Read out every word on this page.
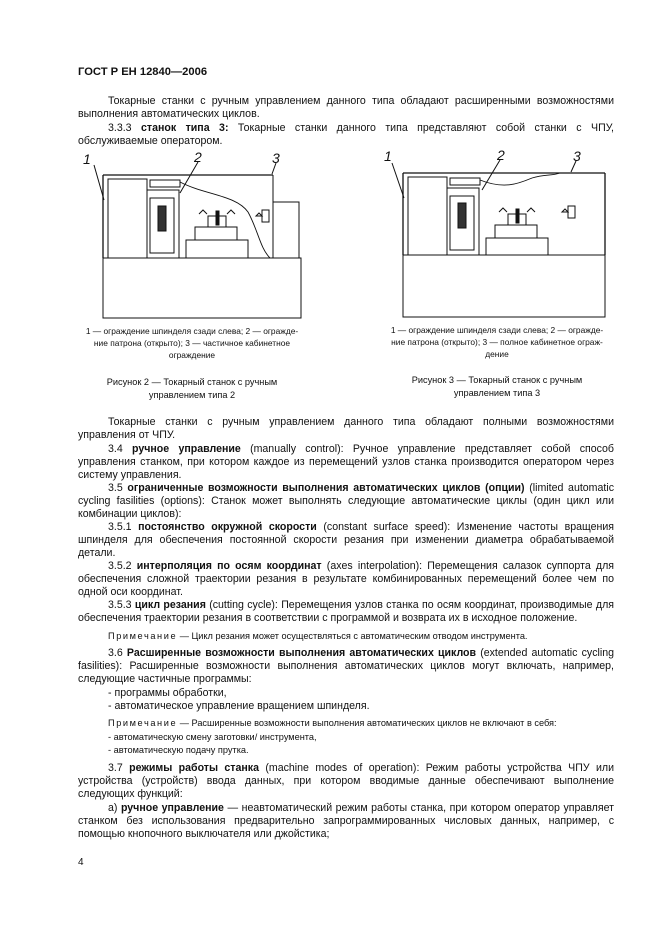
ГОСТ Р ЕН 12840—2006
Токарные станки с ручным управлением данного типа обладают расширенными возможностями выполнения автоматических циклов.
3.3.3 станок типа 3: Токарные станки данного типа представляют собой станки с ЧПУ, обслуживаемые оператором.
1	2	3
1 — ограждение шпинделя сзади слева; 2 — огражде-
ние патрона (открыто); 3 — частичное кабинетное
ограждение
Рисунок 2 — Токарный станок с ручным
управлением типа 2
1	2	3
1 — ограждение шпинделя сзади слева; 2 — огражде-
ние патрона (открыто); 3 — полное кабинетное ограж-
дение
Рисунок 3 — Токарный станок с ручным
управлением типа 3
Токарные станки с ручным управлением данного типа обладают полными возможностями управления от ЧПУ.
3.4 ручное управление (manually control): Ручное управление представляет собой способ управления станком, при котором каждое из перемещений узлов станка производится оператором через систему управления.
3.5 ограниченные возможности выполнения автоматических циклов (опции) (limited automatic cycling fasilities (options): Станок может выполнять следующие автоматические циклы (один цикл или комбинации циклов):
3.5.1 постоянство окружной скорости (constant surface speed): Изменение частоты вращения шпинделя для обеспечения постоянной скорости резания при изменении диаметра обрабатываемой детали.
3.5.2 интерполяция по осям координат (axes interpolation): Перемещения салазок суппорта для обеспечения сложной траектории резания в результате комбинированных перемещений более чем по одной оси координат.
3.5.3 цикл резания (cutting cycle): Перемещения узлов станка по осям координат, производимые для обеспечения траектории резания в соответствии с программой и возврата их в исходное положение.
Примечание — Цикл резания может осуществляться с автоматическим отводом инструмента.
3.6 Расширенные возможности выполнения автоматических циклов (extended automatic cycling fasilities): Расширенные возможности выполнения автоматических циклов могут включать, например, следующие частичные программы:
- программы обработки,
- автоматическое управление вращением шпинделя.
Примечание — Расширенные возможности выполнения автоматических циклов не включают в себя:
- автоматическую смену заготовки/ инструмента,
- автоматическую подачу прутка.
3.7 режимы работы станка (machine modes of operation): Режим работы устройства ЧПУ или устройства (устройств) ввода данных, при котором вводимые данные обеспечивают выполнение следующих функций:
а) ручное управление — неавтоматический режим работы станка, при котором оператор управляет станком без использования предварительно запрограммированных числовых данных, например, с помощью кнопочного выключателя или джойстика;
4
